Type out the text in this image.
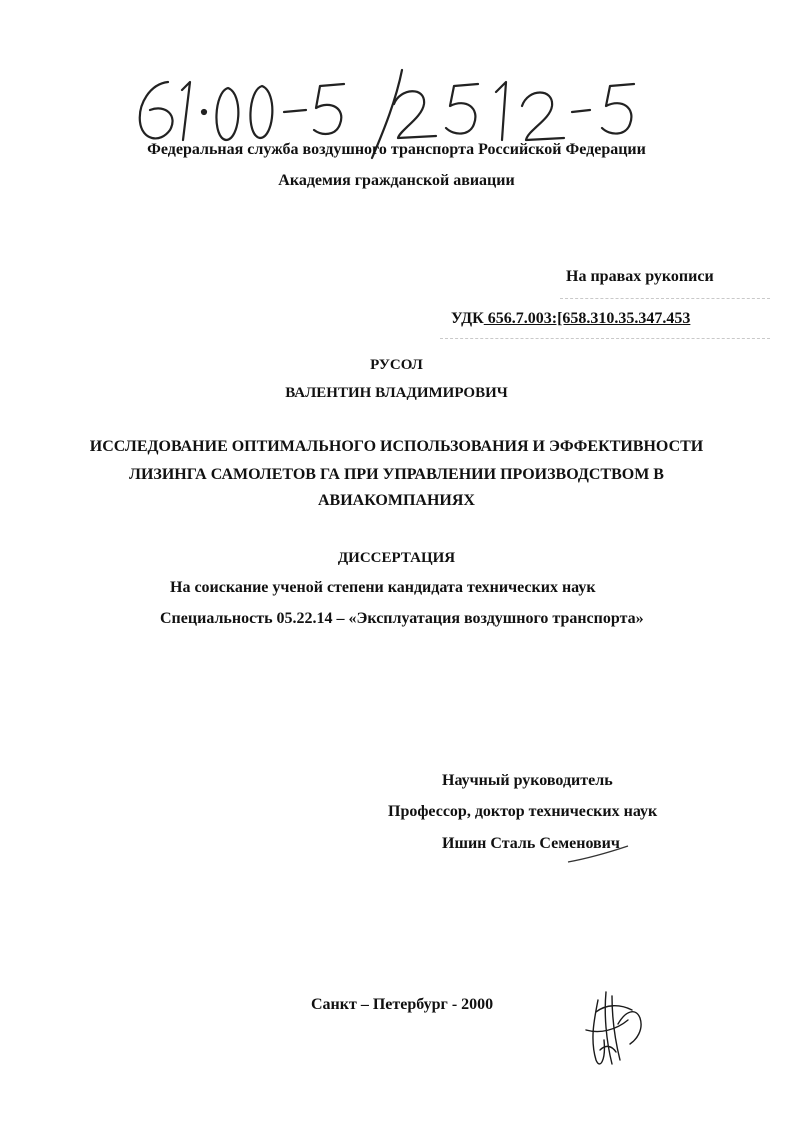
Федеральная служба воздушного транспорта Российской Федерации
Академия гражданской авиации
На правах рукописи
УДК 656.7.003:[658.310.35.347.453
РУСОЛ
ВАЛЕНТИН ВЛАДИМИРОВИЧ
ИССЛЕДОВАНИЕ ОПТИМАЛЬНОГО ИСПОЛЬЗОВАНИЯ И ЭФФЕКТИВНОСТИ
ЛИЗИНГА САМОЛЕТОВ ГА ПРИ УПРАВЛЕНИИ ПРОИЗВОДСТВОМ В
АВИАКОМПАНИЯХ
ДИССЕРТАЦИЯ
На соискание ученой степени кандидата технических наук
Специальность 05.22.14 – «Эксплуатация воздушного транспорта»
Научный руководитель
Профессор, доктор технических наук
Ишин Сталь Семенович
Санкт – Петербург - 2000
